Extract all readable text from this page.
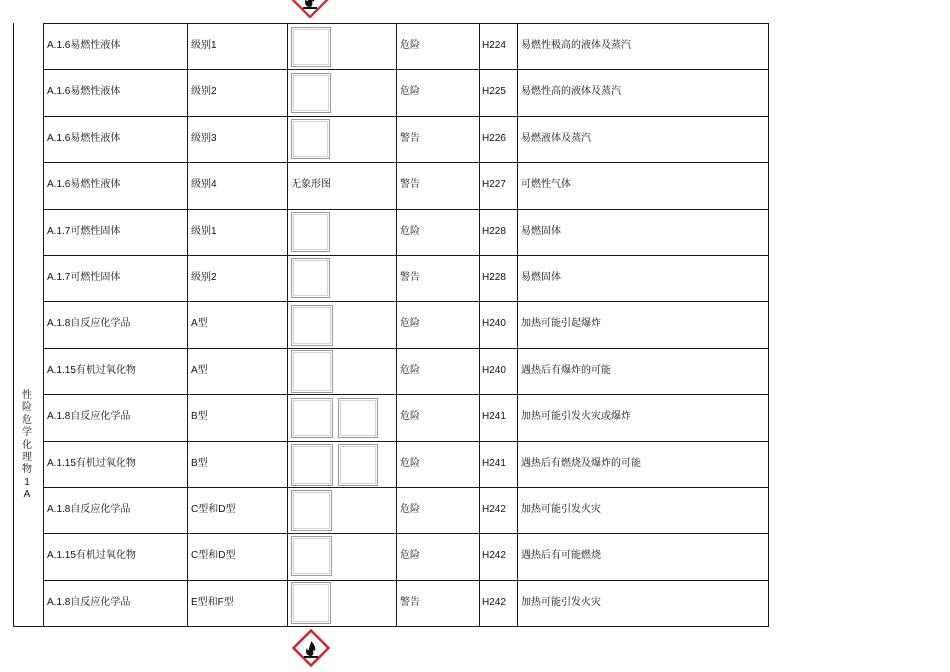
性
险
危
学
化
理
物
1
A
A.1.6 易燃性液体	级别 1	危险	H224 易燃性极高的液体及蒸汽
A.1.6 易燃性液体	级别 2	危险	H225 易燃性高的液体及蒸汽
A.1.6 易燃性液体	级别 3	警告	H226 易燃液体及蒸汽
A.1.6 易燃性液体	级别 4	无象形图	警告	H227 可燃性气体
A.1.7 可燃性固体	级别 1	危险	H228 易燃固体
A.1.7 可燃性固体	级别 2	警告	H228 易燃固体
A.1.8 自反应化学品	A 型	危险	H240 加热可能引起爆炸
A.1.15 有机过氧化物	A 型	危险	H240 遇热后有爆炸的可能
A.1.8 自反应化学品	B 型	危险	H241 加热可能引发火灾或爆炸
A.1.15 有机过氧化物	B 型	危险	H241 遇热后有燃烧及爆炸的可能
A.1.8 自反应化学品	C 型和 D 型	危险	H242 加热可能引发火灾
A.1.15 有机过氧化物	C 型和 D 型	危险	H242 遇热后有可能燃烧
A.1.8 自反应化学品	E 型和 F 型	警告	H242 加热可能引发火灾
